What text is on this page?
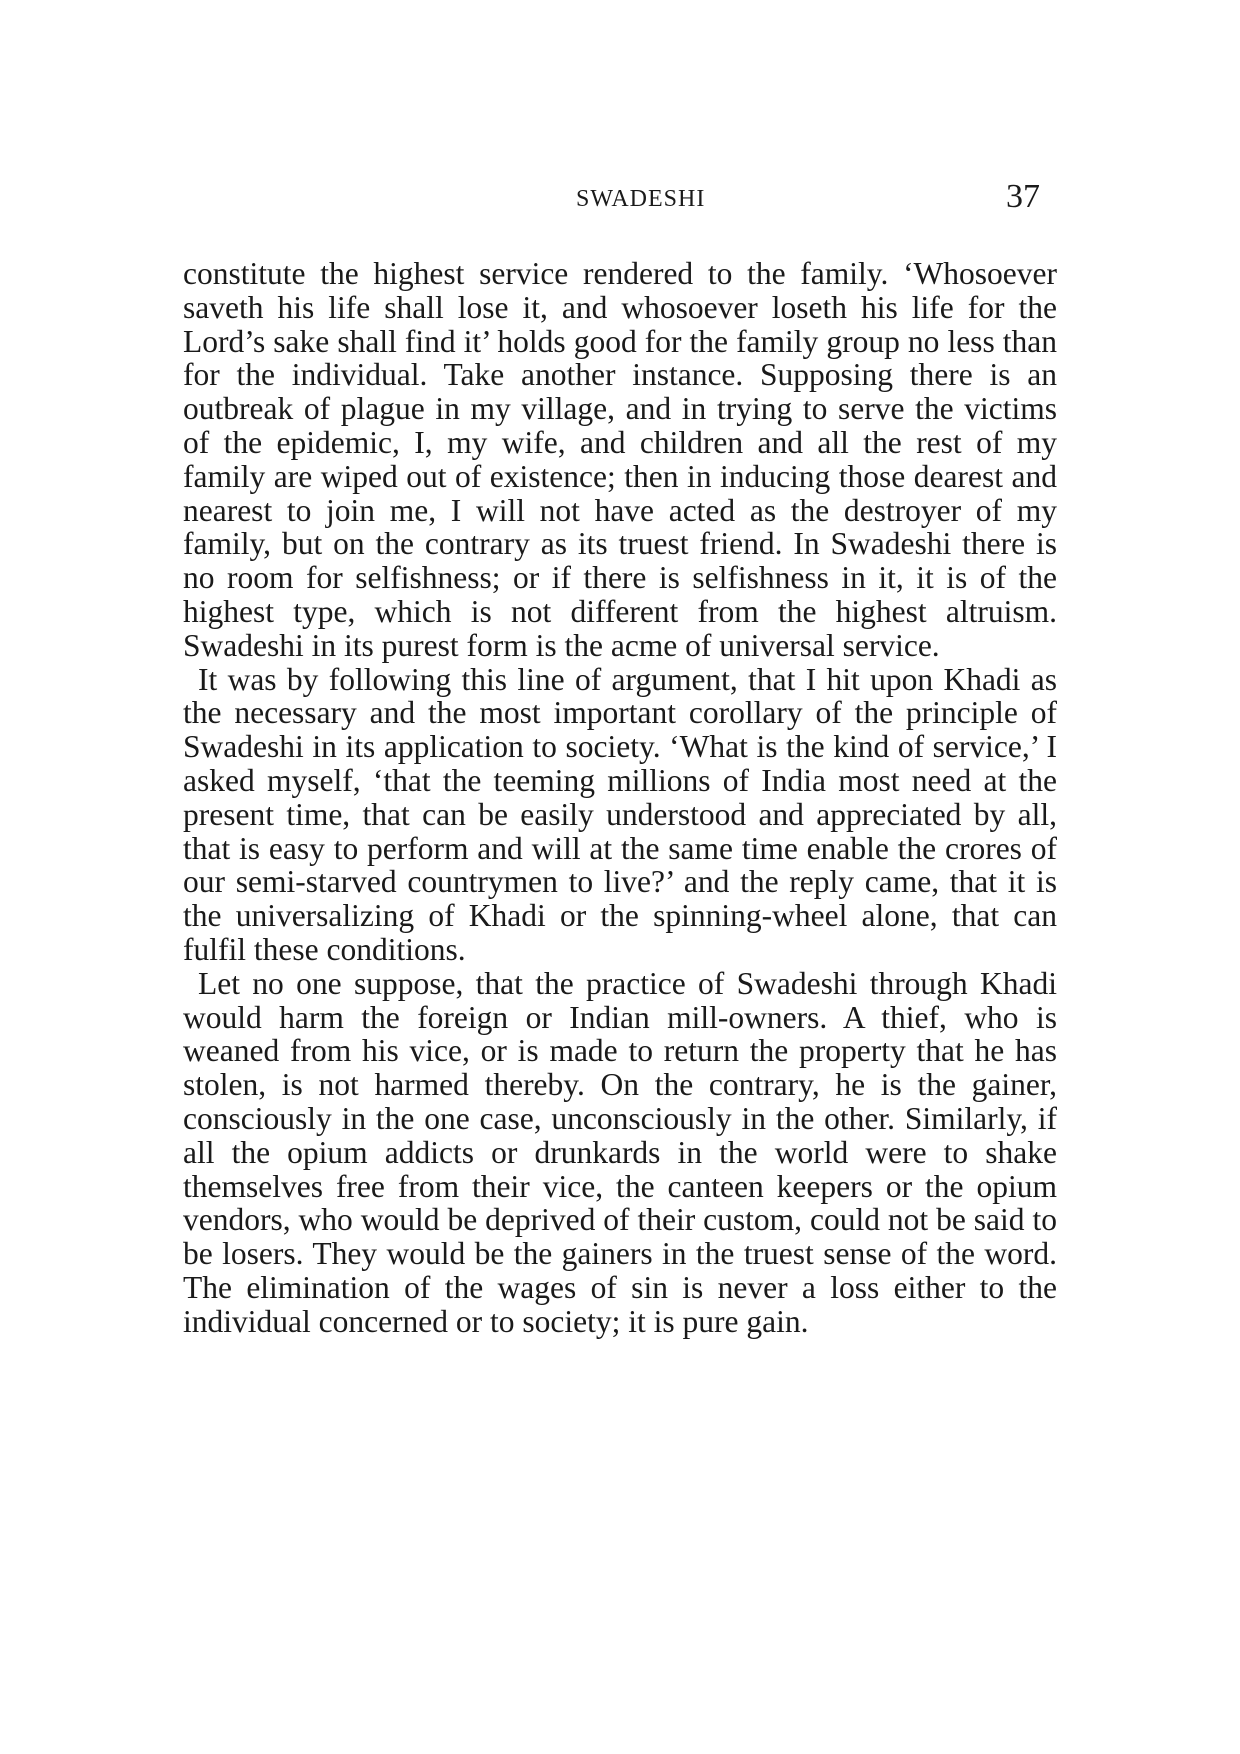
SWADESHI	37

constitute the highest service rendered to the family. ‘Whosoever saveth his life shall lose it, and whosoever loseth his life for the Lord’s sake shall find it’ holds good for the family group no less than for the individual. Take another instance. Supposing there is an outbreak of plague in my village, and in trying to serve the victims of the epidemic, I, my wife, and children and all the rest of my family are wiped out of existence; then in inducing those dearest and nearest to join me, I will not have acted as the destroyer of my family, but on the contrary as its truest friend. In Swadeshi there is no room for selfishness; or if there is selfishness in it, it is of the highest type, which is not different from the highest altruism. Swadeshi in its purest form is the acme of universal service.

It was by following this line of argument, that I hit upon Khadi as the necessary and the most important corollary of the principle of Swadeshi in its application to society. ‘What is the kind of service,’ I asked myself, ‘that the teeming millions of India most need at the present time, that can be easily understood and appreciated by all, that is easy to perform and will at the same time enable the crores of our semi-starved countrymen to live?’ and the reply came, that it is the universalizing of Khadi or the spinning-wheel alone, that can fulfil these conditions.

Let no one suppose, that the practice of Swadeshi through Khadi would harm the foreign or Indian mill-owners. A thief, who is weaned from his vice, or is made to return the property that he has stolen, is not harmed thereby. On the contrary, he is the gainer, consciously in the one case, unconsciously in the other. Similarly, if all the opium addicts or drunkards in the world were to shake themselves free from their vice, the canteen keepers or the opium vendors, who would be deprived of their custom, could not be said to be losers. They would be the gainers in the truest sense of the word. The elimination of the wages of sin is never a loss either to the individual concerned or to society; it is pure gain.
